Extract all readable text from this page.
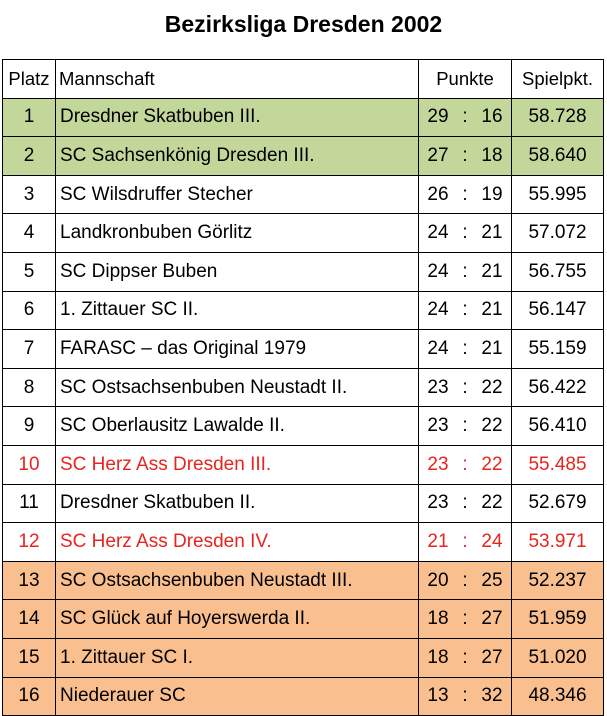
Bezirksliga Dresden 2002
Platz	Mannschaft	Punkte	Spielpkt.
1	Dresdner Skatbuben III.	29 : 16	58.728
2	SC Sachsenkönig Dresden III.	27 : 18	58.640
3	SC Wilsdruffer Stecher	26 : 19	55.995
4	Landkronbuben Görlitz	24 : 21	57.072
5	SC Dippser Buben	24 : 21	56.755
6	1. Zittauer SC II.	24 : 21	56.147
7	FARASC – das Original 1979	24 : 21	55.159
8	SC Ostsachsenbuben Neustadt II.	23 : 22	56.422
9	SC Oberlausitz Lawalde II.	23 : 22	56.410
10	SC Herz Ass Dresden III.	23 : 22	55.485
11	Dresdner Skatbuben II.	23 : 22	52.679
12	SC Herz Ass Dresden IV.	21 : 24	53.971
13	SC Ostsachsenbuben Neustadt III.	20 : 25	52.237
14	SC Glück auf Hoyerswerda II.	18 : 27	51.959
15	1. Zittauer SC I.	18 : 27	51.020
16	Niederauer SC	13 : 32	48.346
